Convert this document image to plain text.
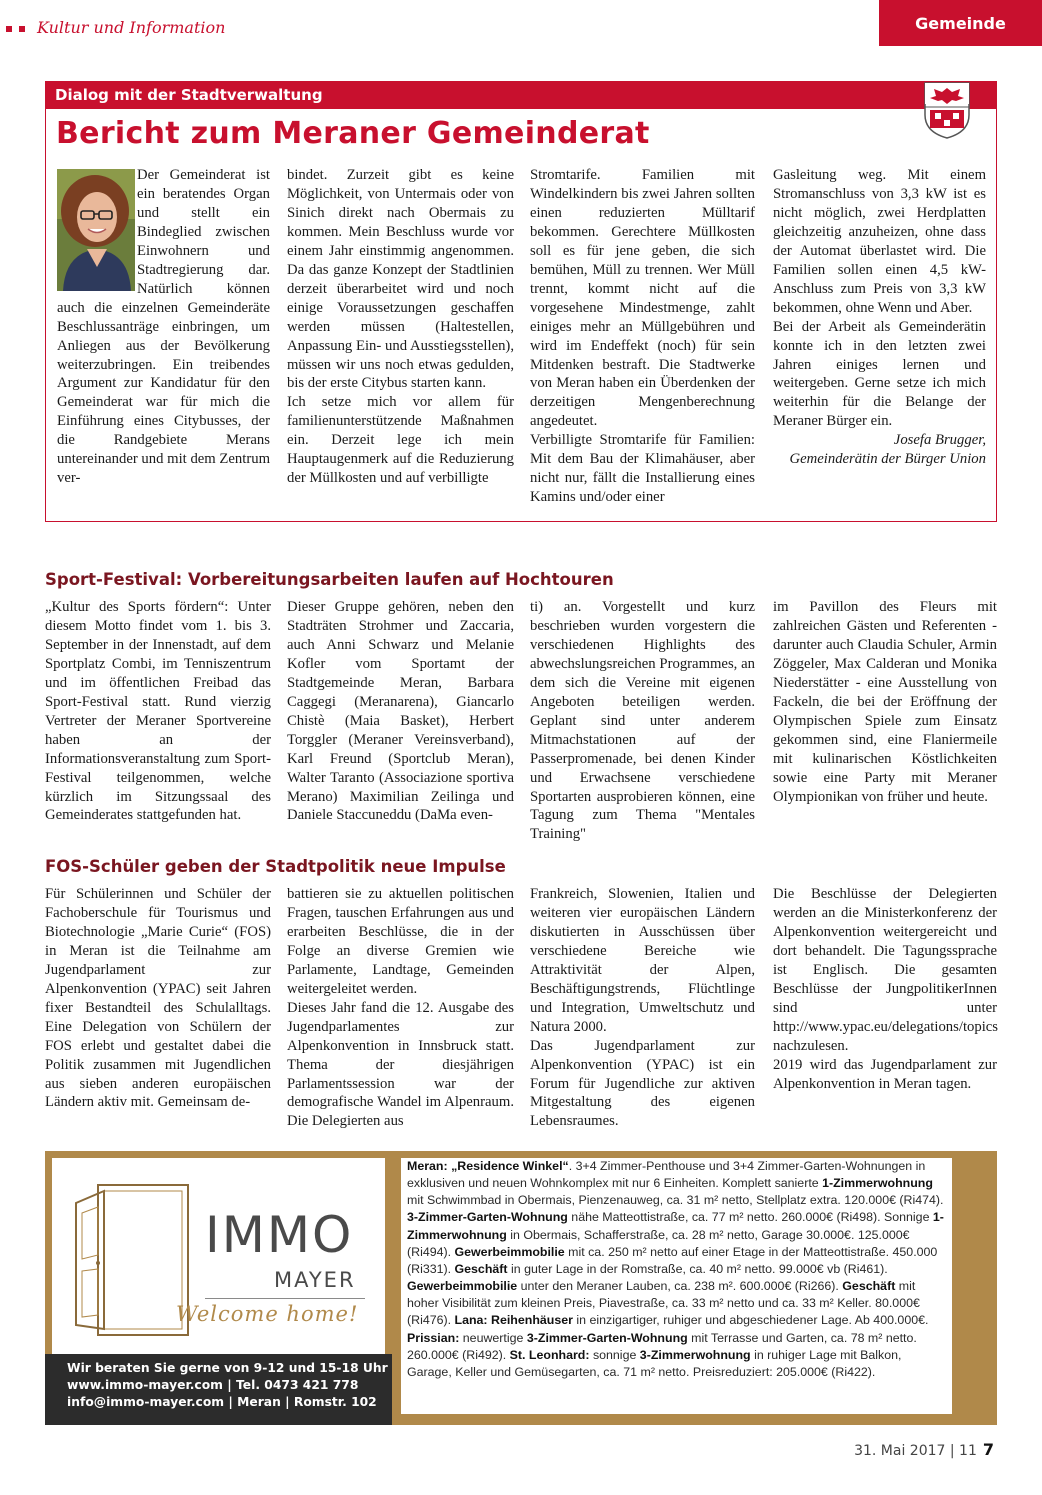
Kultur und Information	Gemeinde
Dialog mit der Stadtverwaltung
Bericht zum Meraner Gemeinderat

Der Gemeinderat ist ein beratendes Organ und stellt ein Bindeglied zwischen Einwohnern und Stadtregierung dar. Natürlich können auch die einzelnen Gemeinderäte Beschlussanträge einbringen, um Anliegen aus der Bevölkerung weiterzubringen. Ein treibendes Argument zur Kandidatur für den Gemeinderat war für mich die Einführung eines Citybusses, der die Randgebiete Merans untereinander und mit dem Zentrum ver-

bindet. Zurzeit gibt es keine Möglichkeit, von Untermais oder von Sinich direkt nach Obermais zu kommen. Mein Beschluss wurde vor einem Jahr einstimmig angenommen. Da das ganze Konzept der Stadtlinien derzeit überarbeitet wird und noch einige Voraussetzungen geschaffen werden müssen (Haltestellen, Anpassung Ein- und Ausstiegsstellen), müssen wir uns noch etwas gedulden, bis der erste Citybus starten kann.

Ich setze mich vor allem für familienunterstützende Maßnahmen ein. Derzeit lege ich mein Hauptaugenmerk auf die Reduzierung der Müllkosten und auf verbilligte

Stromtarife. Familien mit Windelkindern bis zwei Jahren sollten einen reduzierten Mülltarif bekommen. Gerechtere Müllkosten soll es für jene geben, die sich bemühen, Müll zu trennen. Wer Müll trennt, kommt nicht auf die vorgesehene Mindestmenge, zahlt einiges mehr an Müllgebühren und wird im Endeffekt (noch) für sein Mitdenken bestraft. Die Stadtwerke von Meran haben ein Überdenken der derzeitigen Mengenberechnung angedeutet.

Verbilligte Stromtarife für Familien: Mit dem Bau der Klimahäuser, aber nicht nur, fällt die Installierung eines Kamins und/oder einer

Gasleitung weg. Mit einem Stromanschluss von 3,3 kW ist es nicht möglich, zwei Herdplatten gleichzeitig anzuheizen, ohne dass der Automat überlastet wird. Die Familien sollen einen 4,5 kW-Anschluss zum Preis von 3,3 kW bekommen, ohne Wenn und Aber.

Bei der Arbeit als Gemeinderätin konnte ich in den letzten zwei Jahren einiges lernen und weitergeben. Gerne setze ich mich weiterhin für die Belange der Meraner Bürger ein.

Josefa Brugger,

Gemeinderätin der Bürger Union

Sport-Festival: Vorbereitungsarbeiten laufen auf Hochtouren

„Kultur des Sports fördern“: Unter diesem Motto findet vom 1. bis 3. September in der Innenstadt, auf dem Sportplatz Combi, im Tenniszentrum und im öffentlichen Freibad das Sport-Festival statt. Rund vierzig Vertreter der Meraner Sportvereine haben an der Informationsveranstaltung zum Sport-Festival teilgenommen, welche kürzlich im Sitzungssaal des Gemeinderates stattgefunden hat.

Dieser Gruppe gehören, neben den Stadträten Strohmer und Zaccaria, auch Anni Schwarz und Melanie Kofler vom Sportamt der Stadtgemeinde Meran, Barbara Caggegi (Meranarena), Giancarlo Chistè (Maia Basket), Herbert Torggler (Meraner Vereinsverband), Karl Freund (Sportclub Meran), Walter Taranto (Associazione sportiva Merano) Maximilian Zeilinga und Daniele Staccuneddu (DaMa even-

ti) an. Vorgestellt und kurz beschrieben wurden vorgestern die verschiedenen Highlights des abwechslungsreichen Programmes, an dem sich die Vereine mit eigenen Angeboten beteiligen werden. Geplant sind unter anderem Mitmachstationen auf der Passerpromenade, bei denen Kinder und Erwachsene verschiedene Sportarten ausprobieren können, eine Tagung zum Thema "Mentales Training"

im Pavillon des Fleurs mit zahlreichen Gästen und Referenten - darunter auch Claudia Schuler, Armin Zöggeler, Max Calderan und Monika Niederstätter - eine Ausstellung von Fackeln, die bei der Eröffnung der Olympischen Spiele zum Einsatz gekommen sind, eine Flaniermeile mit kulinarischen Köstlichkeiten sowie eine Party mit Meraner Olympionikan von früher und heute.

FOS-Schüler geben der Stadtpolitik neue Impulse

Für Schülerinnen und Schüler der Fachoberschule für Tourismus und Biotechnologie „Marie Curie“ (FOS) in Meran ist die Teilnahme am Jugendparlament zur Alpenkonvention (YPAC) seit Jahren fixer Bestandteil des Schulalltags. Eine Delegation von Schülern der FOS erlebt und gestaltet dabei die Politik zusammen mit Jugendlichen aus sieben anderen europäischen Ländern aktiv mit. Gemeinsam de-

battieren sie zu aktuellen politischen Fragen, tauschen Erfahrungen aus und erarbeiten Beschlüsse, die in der Folge an diverse Gremien wie Parlamente, Landtage, Gemeinden weitergeleitet werden.

Dieses Jahr fand die 12. Ausgabe des Jugendparlamentes zur Alpenkonvention in Innsbruck statt. Thema der diesjährigen Parlamentssession war der demografische Wandel im Alpenraum. Die Delegierten aus

Frankreich, Slowenien, Italien und weiteren vier europäischen Ländern diskutierten in Ausschüssen über verschiedene Bereiche wie Attraktivität der Alpen, Beschäftigungstrends, Flüchtlinge und Integration, Umweltschutz und Natura 2000.

Das Jugendparlament zur Alpenkonvention (YPAC) ist ein Forum für Jugendliche zur aktiven Mitgestaltung des eigenen Lebensraumes.

Die Beschlüsse der Delegierten werden an die Ministerkonferenz der Alpenkonvention weitergereicht und dort behandelt. Die Tagungssprache ist Englisch. Die gesamten Beschlüsse der JungpolitikerInnen sind unter http://www.ypac.eu/delegations/topics nachzulesen.

2019 wird das Jugendparlament zur Alpenkonvention in Meran tagen.

IMMO
MAYER
Welcome home!
Wir beraten Sie gerne von 9-12 und 15-18 Uhr
www.immo-mayer.com | Tel. 0473 421 778
info@immo-mayer.com | Meran | Romstr. 102
Meran: „Residence Winkel“. 3+4 Zimmer-Penthouse und 3+4 Zimmer-Garten-Wohnungen in exklusiven und neuen Wohnkomplex mit nur 6 Einheiten. Komplett sanierte 1-Zimmerwohnung mit Schwimmbad in Obermais, Pienzenauweg, ca. 31 m² netto, Stellplatz extra. 120.000€ (Ri474). 3-Zimmer-Garten-Wohnung nähe Matteottistraße, ca. 77 m² netto. 260.000€ (Ri498). Sonnige 1-Zimmerwohnung in Obermais, Schafferstraße, ca. 28 m² netto, Garage 30.000€. 125.000€ (Ri494). Gewerbeimmobilie mit ca. 250 m² netto auf einer Etage in der Matteottistraße. 450.000 (Ri331). Geschäft in guter Lage in der Romstraße, ca. 40 m² netto. 99.000€ vb (Ri461). Gewerbeimmobilie unter den Meraner Lauben, ca. 238 m². 600.000€ (Ri266). Geschäft mit hoher Visibilität zum kleinen Preis, Piavestraße, ca. 33 m² netto und ca. 33 m² Keller. 80.000€ (Ri476). Lana: Reihenhäuser in einzigartiger, ruhiger und abgeschiedener Lage. Ab 400.000€. Prissian: neuwertige 3-Zimmer-Garten-Wohnung mit Terrasse und Garten, ca. 78 m² netto. 260.000€ (Ri492). St. Leonhard: sonnige 3-Zimmerwohnung in ruhiger Lage mit Balkon, Garage, Keller und Gemüsegarten, ca. 71 m² netto. Preisreduziert: 205.000€ (Ri422).
31. Mai 2017 | 11 7
